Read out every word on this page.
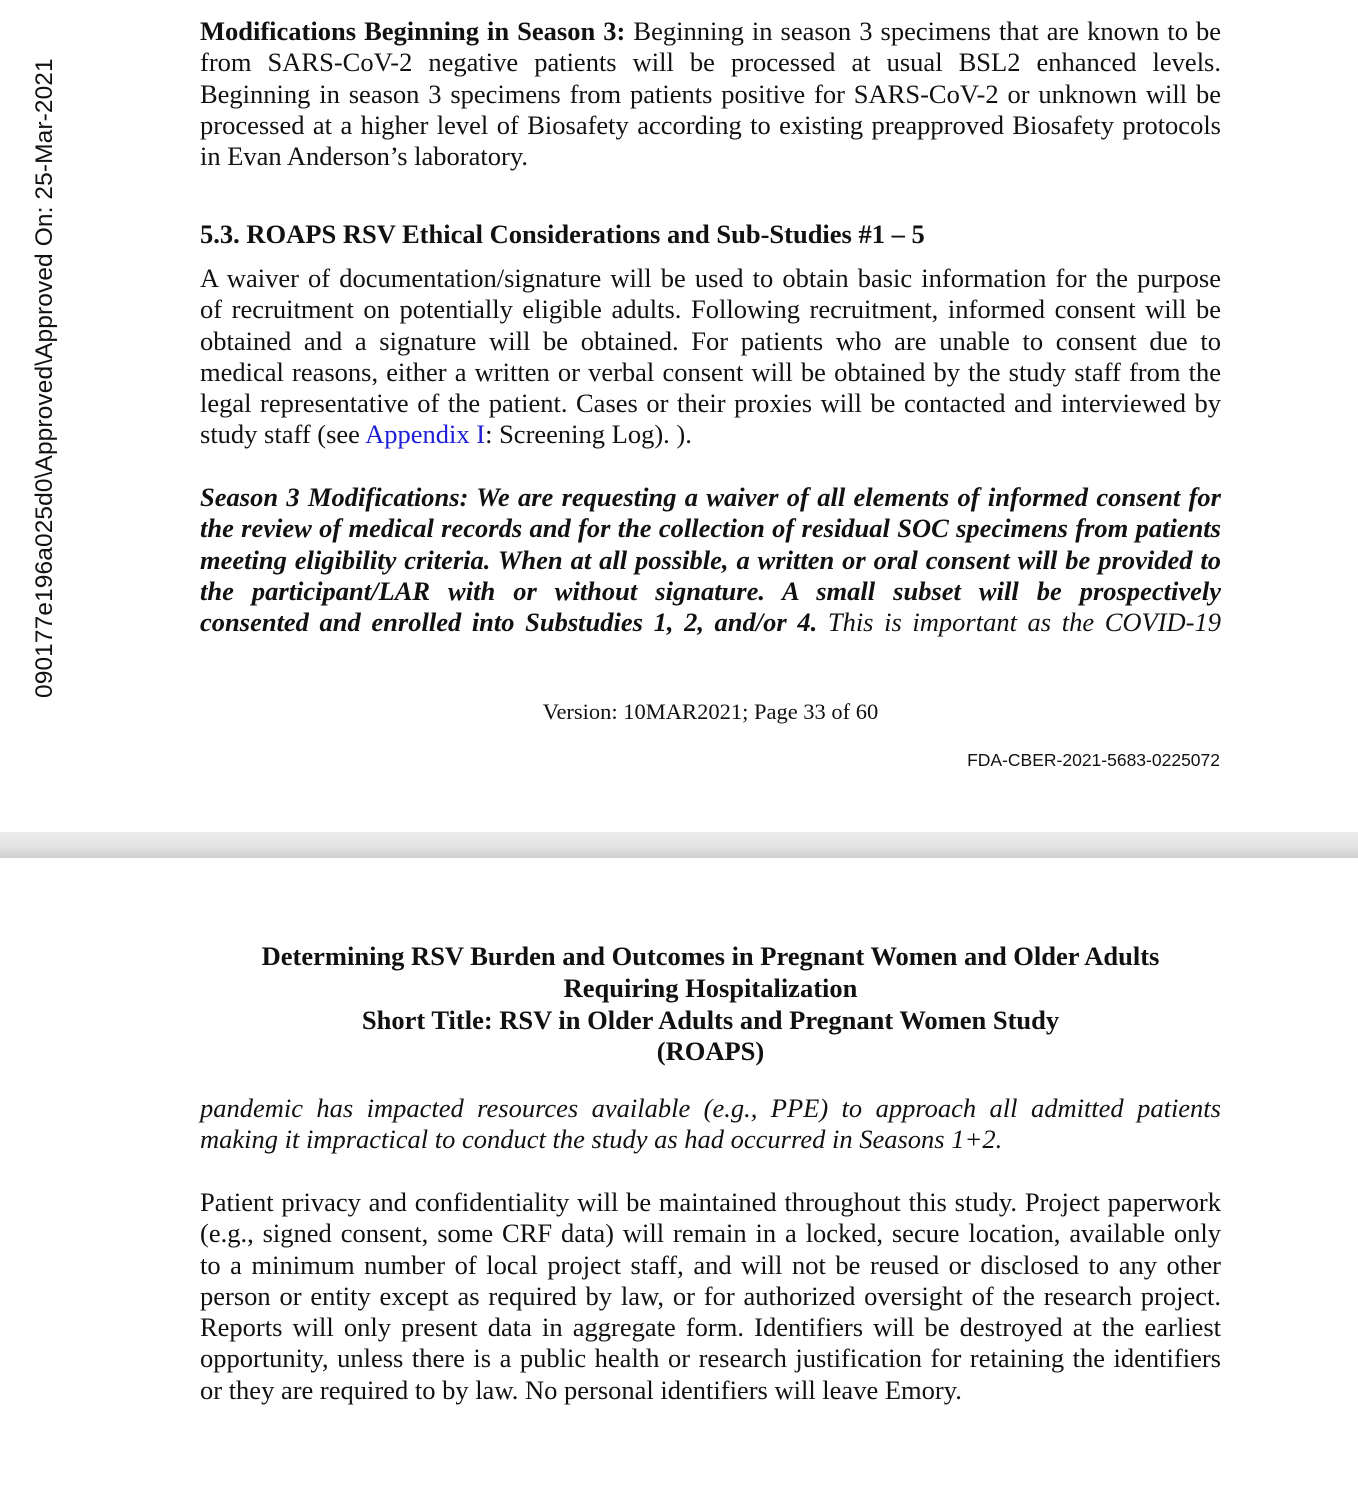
090177e196a025d0\Approved\Approved On: 25-Mar-2021
Modifications Beginning in Season 3: Beginning in season 3 specimens that are known to be
from SARS-CoV-2 negative patients will be processed at usual BSL2 enhanced levels.
Beginning in season 3 specimens from patients positive for SARS-CoV-2 or unknown will be
processed at a higher level of Biosafety according to existing preapproved Biosafety protocols
in Evan Anderson’s laboratory.
5.3. ROAPS RSV Ethical Considerations and Sub-Studies #1 – 5
A waiver of documentation/signature will be used to obtain basic information for the purpose
of recruitment on potentially eligible adults. Following recruitment, informed consent will be
obtained and a signature will be obtained. For patients who are unable to consent due to
medical reasons, either a written or verbal consent will be obtained by the study staff from the
legal representative of the patient. Cases or their proxies will be contacted and interviewed by
study staff (see Appendix I: Screening Log). ).
Season 3 Modifications: We are requesting a waiver of all elements of informed consent for
the review of medical records and for the collection of residual SOC specimens from patients
meeting eligibility criteria. When at all possible, a written or oral consent will be provided to
the participant/LAR with or without signature. A small subset will be prospectively
consented and enrolled into Substudies 1, 2, and/or 4. This is important as the COVID-19
Version: 10MAR2021; Page 33 of 60
FDA-CBER-2021-5683-0225072
Determining RSV Burden and Outcomes in Pregnant Women and Older Adults
Requiring Hospitalization
Short Title: RSV in Older Adults and Pregnant Women Study
(ROAPS)
pandemic has impacted resources available (e.g., PPE) to approach all admitted patients
making it impractical to conduct the study as had occurred in Seasons 1+2.
Patient privacy and confidentiality will be maintained throughout this study. Project paperwork
(e.g., signed consent, some CRF data) will remain in a locked, secure location, available only
to a minimum number of local project staff, and will not be reused or disclosed to any other
person or entity except as required by law, or for authorized oversight of the research project.
Reports will only present data in aggregate form. Identifiers will be destroyed at the earliest
opportunity, unless there is a public health or research justification for retaining the identifiers
or they are required to by law. No personal identifiers will leave Emory.
